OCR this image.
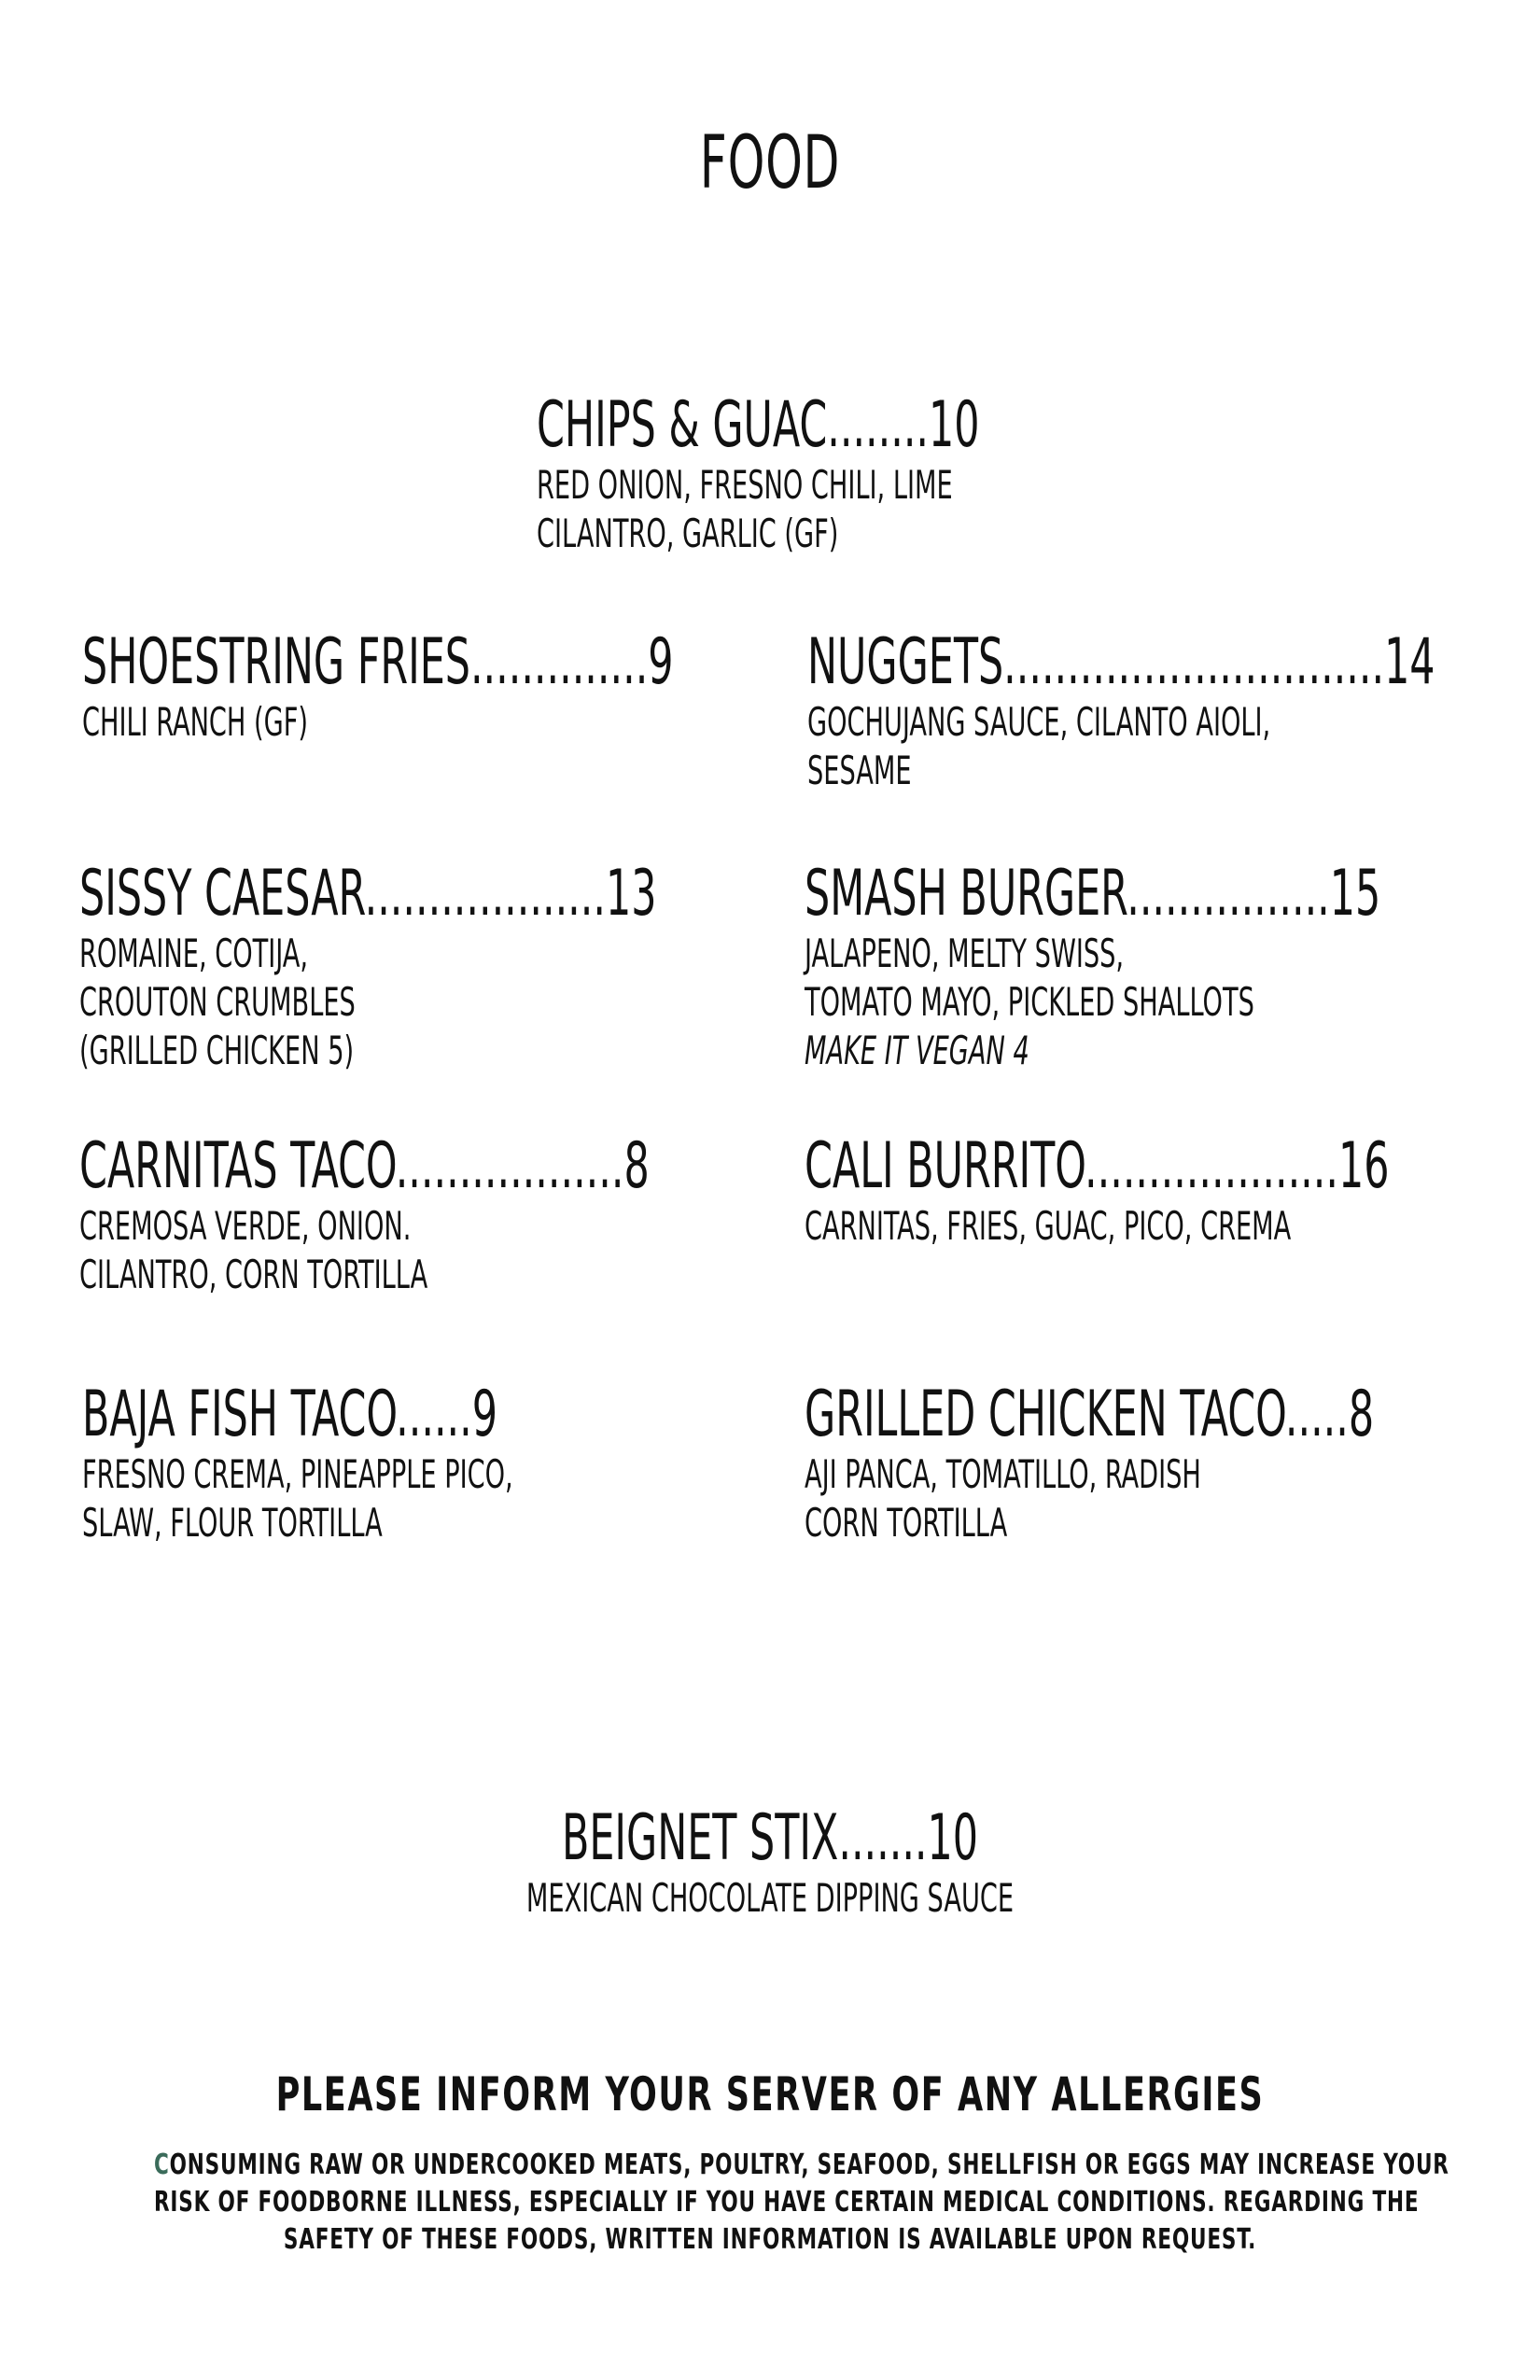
FOOD
CHIPS & GUAC........10
RED ONION, FRESNO CHILI, LIME
CILANTRO, GARLIC (GF)
SHOESTRING FRIES..............9
CHILI RANCH (GF)
NUGGETS..............................14
GOCHUJANG SAUCE, CILANTO AIOLI,
SESAME
SISSY CAESAR...................13
ROMAINE, COTIJA,
CROUTON CRUMBLES
(GRILLED CHICKEN 5)
SMASH BURGER................15
JALAPENO, MELTY SWISS,
TOMATO MAYO, PICKLED SHALLOTS
MAKE IT VEGAN 4
CARNITAS TACO..................8
CREMOSA VERDE, ONION.
CILANTRO, CORN TORTILLA
CALI BURRITO....................16
CARNITAS, FRIES, GUAC, PICO, CREMA
BAJA FISH TACO......9
FRESNO CREMA, PINEAPPLE PICO,
SLAW, FLOUR TORTILLA
GRILLED CHICKEN TACO.....8
AJI PANCA, TOMATILLO, RADISH
CORN TORTILLA
BEIGNET STIX.......10
MEXICAN CHOCOLATE DIPPING SAUCE
PLEASE INFORM YOUR SERVER OF ANY ALLERGIES
CONSUMING RAW OR UNDERCOOKED MEATS, POULTRY, SEAFOOD, SHELLFISH OR EGGS MAY INCREASE YOUR
RISK OF FOODBORNE ILLNESS, ESPECIALLY IF YOU HAVE CERTAIN MEDICAL CONDITIONS. REGARDING THE
SAFETY OF THESE FOODS, WRITTEN INFORMATION IS AVAILABLE UPON REQUEST.
